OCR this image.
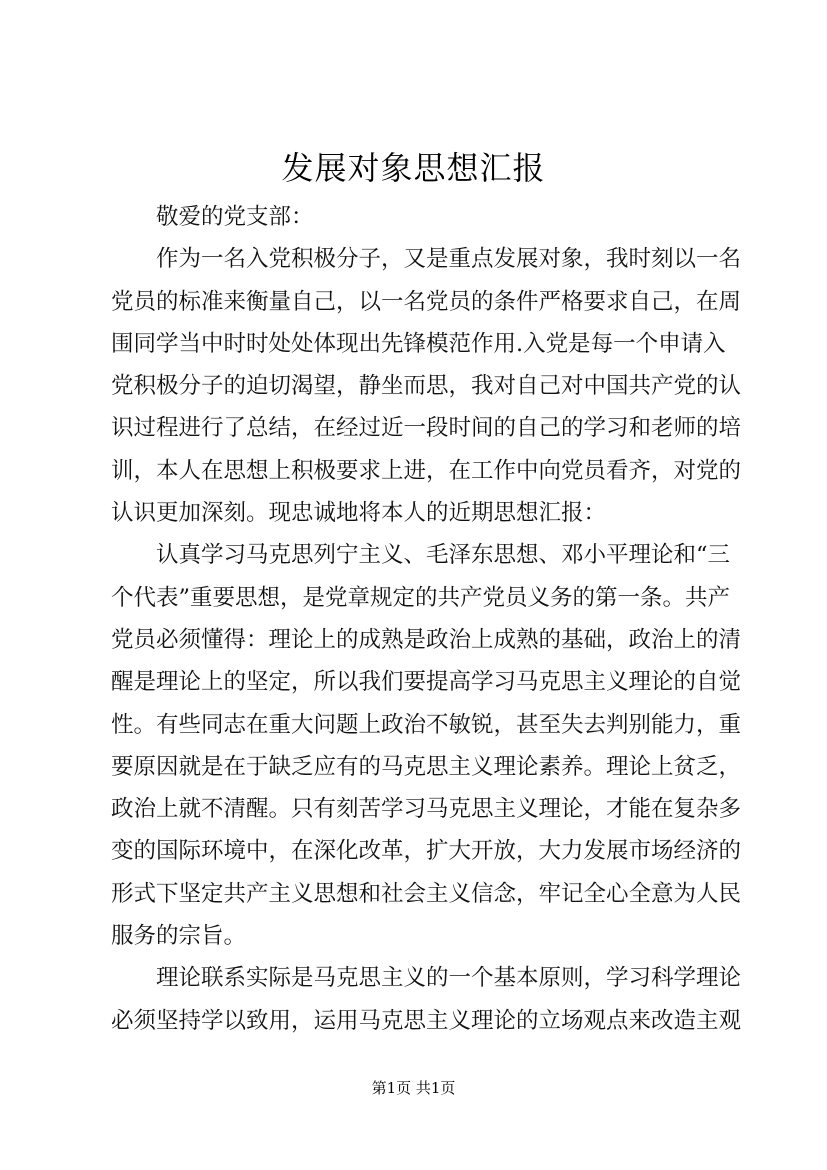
发展对象思想汇报
敬爱的党支部：
作为一名入党积极分子，又是重点发展对象，我时刻以一名
党员的标准来衡量自己，以一名党员的条件严格要求自己，在周
围同学当中时时处处体现出先锋模范作用.入党是每一个申请入
党积极分子的迫切渴望，静坐而思，我对自己对中国共产党的认
识过程进行了总结，在经过近一段时间的自己的学习和老师的培
训，本人在思想上积极要求上进，在工作中向党员看齐，对党的
认识更加深刻。现忠诚地将本人的近期思想汇报：
认真学习马克思列宁主义、毛泽东思想、邓小平理论和“三
个代表”重要思想，是党章规定的共产党员义务的第一条。共产
党员必须懂得：理论上的成熟是政治上成熟的基础，政治上的清
醒是理论上的坚定，所以我们要提高学习马克思主义理论的自觉
性。有些同志在重大问题上政治不敏锐，甚至失去判别能力，重
要原因就是在于缺乏应有的马克思主义理论素养。理论上贫乏，
政治上就不清醒。只有刻苦学习马克思主义理论，才能在复杂多
变的国际环境中，在深化改革，扩大开放，大力发展市场经济的
形式下坚定共产主义思想和社会主义信念，牢记全心全意为人民
服务的宗旨。
理论联系实际是马克思主义的一个基本原则，学习科学理论
必须坚持学以致用，运用马克思主义理论的立场观点来改造主观
第1页 共1页
